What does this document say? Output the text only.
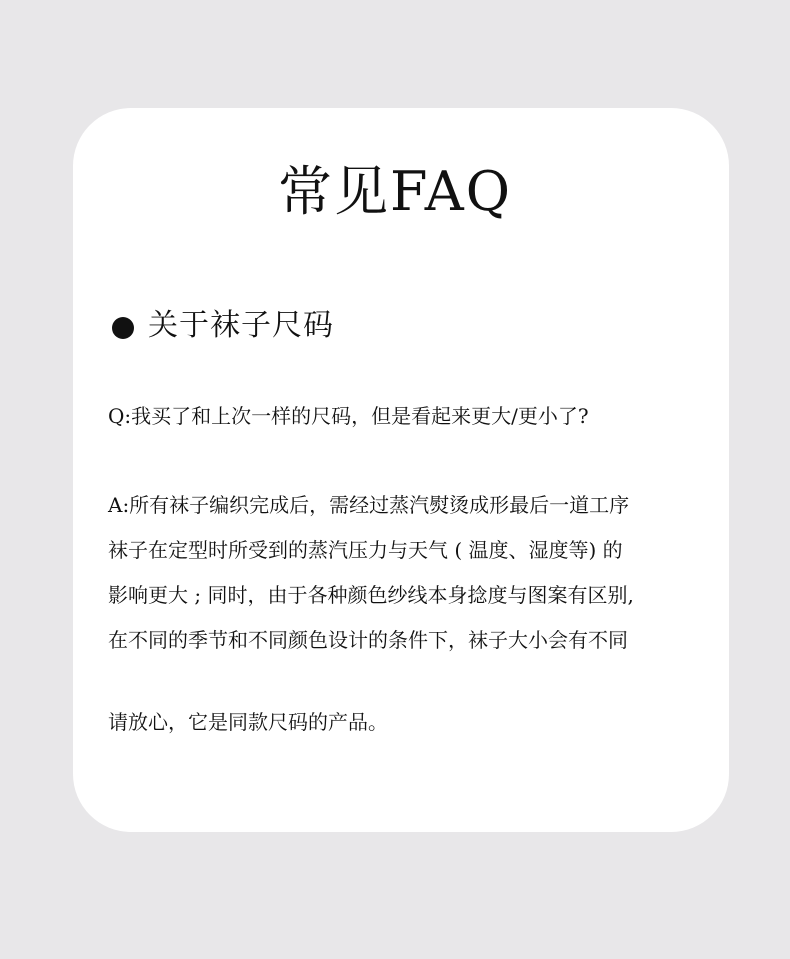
常见FAQ
关于袜子尺码
Q:我买了和上次一样的尺码，但是看起来更大/更小了?
A:所有袜子编织完成后，需经过蒸汽熨烫成形最后一道工序
袜子在定型时所受到的蒸汽压力与天气 ( 温度、湿度等) 的
影响更大 ; 同时，由于各种颜色纱线本身捻度与图案有区别,
在不同的季节和不同颜色设计的条件下，袜子大小会有不同
请放心，它是同款尺码的产品。
